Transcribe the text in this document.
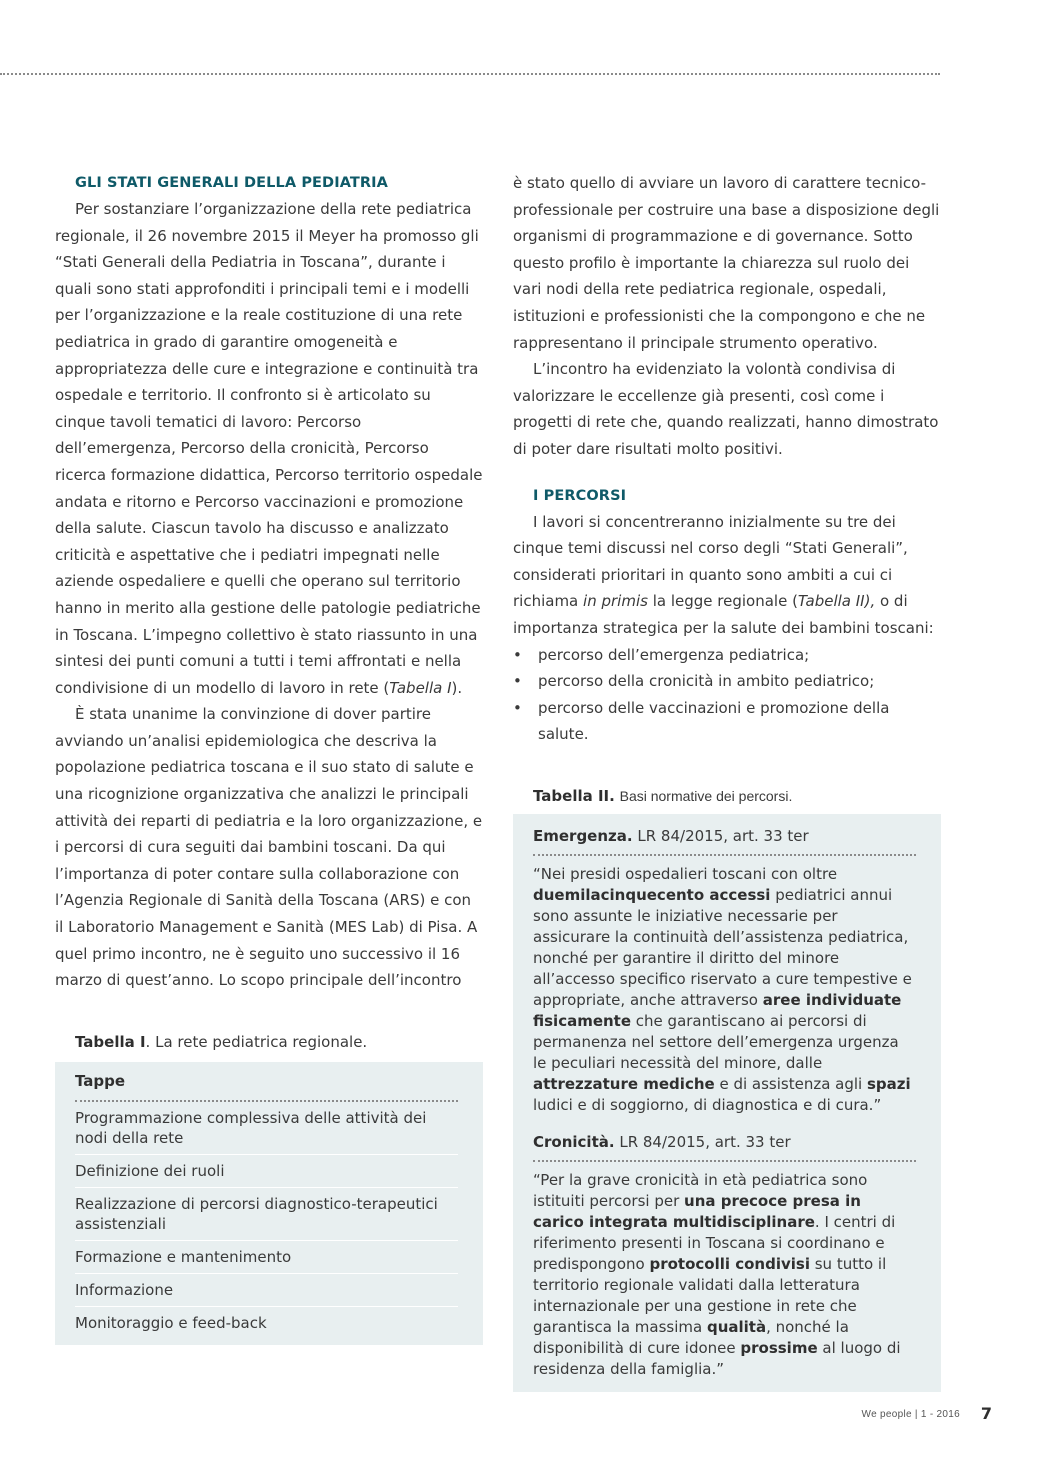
GLI STATI GENERALI DELLA PEDIATRIA

Per sostanziare l’organizzazione della rete pediatrica regionale, il 26 novembre 2015 il Meyer ha promosso gli “Stati Generali della Pediatria in Toscana”, durante i quali sono stati approfonditi i principali temi e i modelli per l’organizzazione e la reale costituzione di una rete pediatrica in grado di garantire omogeneità e appropriatezza delle cure e integrazione e continuità tra ospedale e territorio. Il confronto si è articolato su cinque tavoli tematici di lavoro: Percorso dell’emergenza, Percorso della cronicità, Percorso ricerca formazione didattica, Percorso territorio ospedale andata e ritorno e Percorso vaccinazioni e promozione della salute. Ciascun tavolo ha discusso e analizzato criticità e aspettative che i pediatri impegnati nelle aziende ospedaliere e quelli che operano sul territorio hanno in merito alla gestione delle patologie pediatriche in Toscana. L’impegno collettivo è stato riassunto in una sintesi dei punti comuni a tutti i temi affrontati e nella condivisione di un modello di lavoro in rete (Tabella I).

È stata unanime la convinzione di dover partire avviando un’analisi epidemiologica che descriva la popolazione pediatrica toscana e il suo stato di salute e una ricognizione organizzativa che analizzi le principali attività dei reparti di pediatria e la loro organizzazione, e i percorsi di cura seguiti dai bambini toscani. Da qui l’importanza di poter contare sulla collaborazione con l’Agenzia Regionale di Sanità della Toscana (ARS) e con il Laboratorio Management e Sanità (MES Lab) di Pisa. A quel primo incontro, ne è seguito uno successivo il 16 marzo di quest’anno. Lo scopo principale dell’incontro

Tabella I. La rete pediatrica regionale.
Tappe
Programmazione complessiva delle attività dei nodi della rete
Definizione dei ruoli
Realizzazione di percorsi diagnostico-terapeutici assistenziali
Formazione e mantenimento
Informazione
Monitoraggio e feed-back

è stato quello di avviare un lavoro di carattere tecnico-professionale per costruire una base a disposizione degli organismi di programmazione e di governance. Sotto questo profilo è importante la chiarezza sul ruolo dei vari nodi della rete pediatrica regionale, ospedali, istituzioni e professionisti che la compongono e che ne rappresentano il principale strumento operativo.

L’incontro ha evidenziato la volontà condivisa di valorizzare le eccellenze già presenti, così come i progetti di rete che, quando realizzati, hanno dimostrato di poter dare risultati molto positivi.

I PERCORSI

I lavori si concentreranno inizialmente su tre dei cinque temi discussi nel corso degli “Stati Generali”, considerati prioritari in quanto sono ambiti a cui ci richiama in primis la legge regionale (Tabella II), o di importanza strategica per la salute dei bambini toscani:

• percorso dell’emergenza pediatrica;
• percorso della cronicità in ambito pediatrico;
• percorso delle vaccinazioni e promozione della salute.
Tabella II. Basi normative dei percorsi.
Emergenza. LR 84/2015, art. 33 ter
“Nei presidi ospedalieri toscani con oltre duemilacinquecento accessi pediatrici annui sono assunte le iniziative necessarie per assicurare la continuità dell’assistenza pediatrica, nonché per garantire il diritto del minore all’accesso specifico riservato a cure tempestive e appropriate, anche attraverso aree individuate fisicamente che garantiscano ai percorsi di permanenza nel settore dell’emergenza urgenza le peculiari necessità del minore, dalle attrezzature mediche e di assistenza agli spazi ludici e di soggiorno, di diagnostica e di cura.”
Cronicità. LR 84/2015, art. 33 ter
“Per la grave cronicità in età pediatrica sono istituiti percorsi per una precoce presa in carico integrata multidisciplinare. I centri di riferimento presenti in Toscana si coordinano e predispongono protocolli condivisi su tutto il territorio regionale validati dalla letteratura internazionale per una gestione in rete che garantisca la massima qualità, nonché la disponibilità di cure idonee prossime al luogo di residenza della famiglia.”
We people | 1 - 2016 7
